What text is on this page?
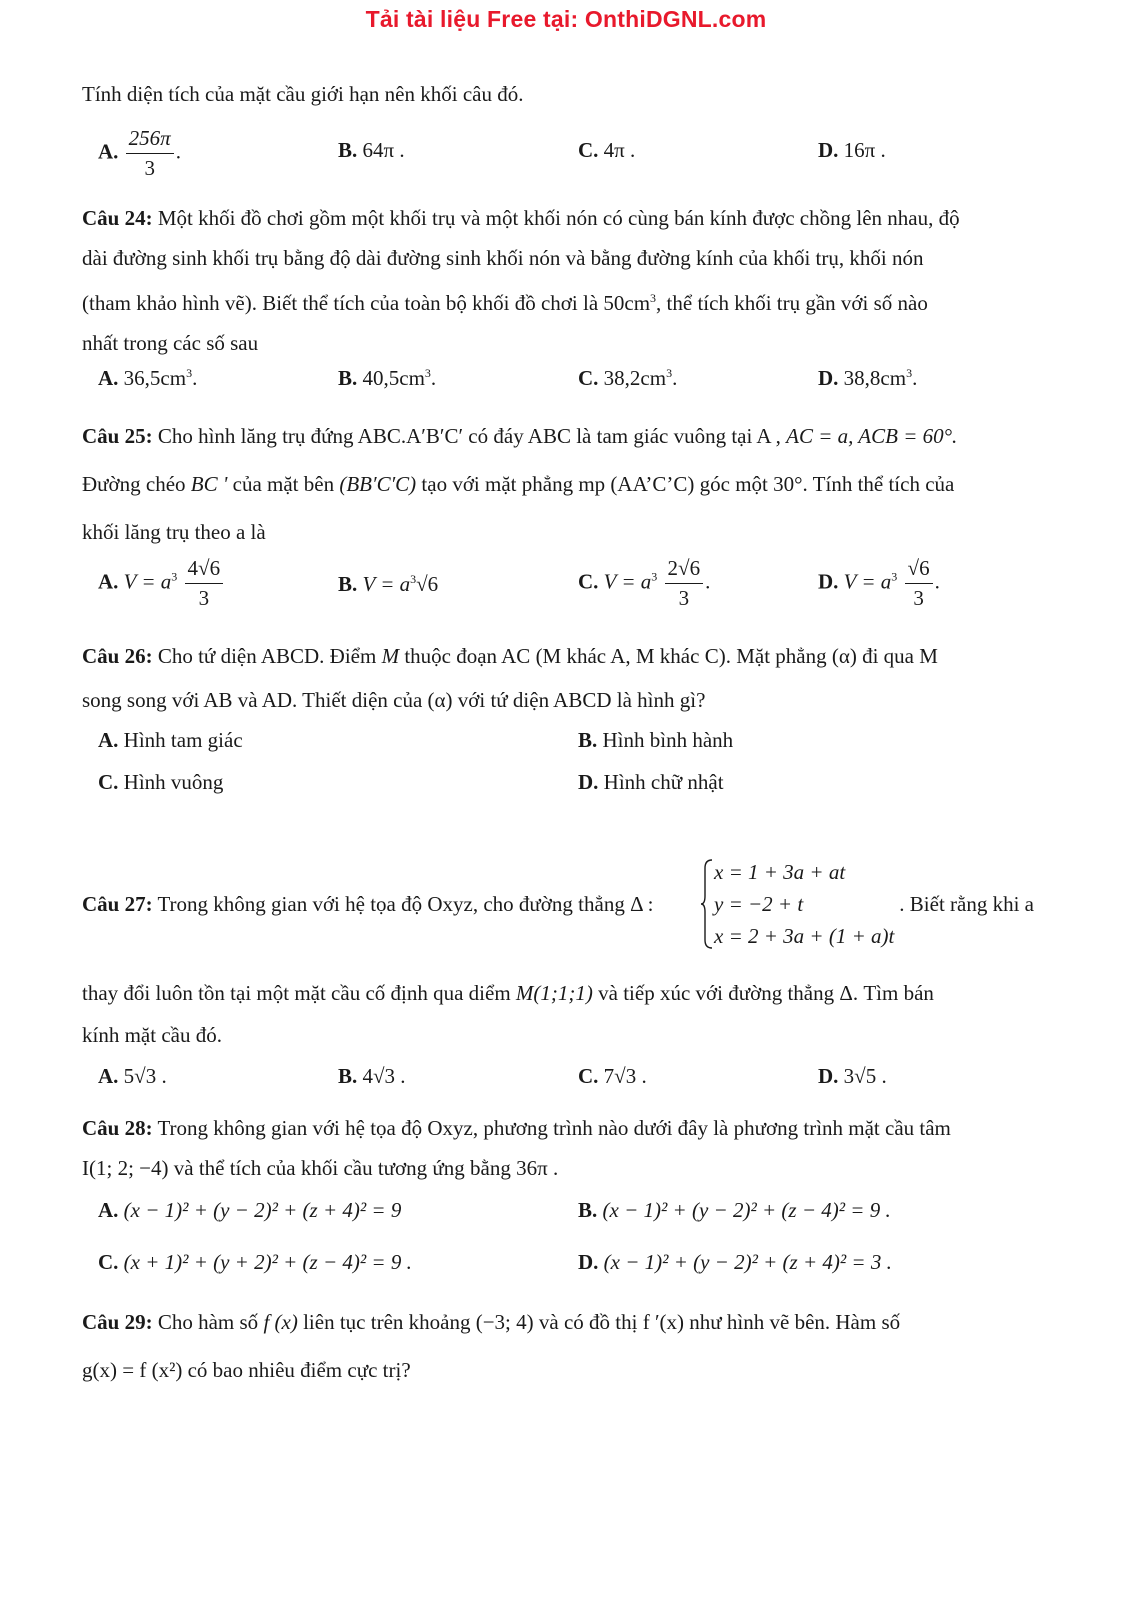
Tải tài liệu Free tại: OnthiDGNL.com
Tính diện tích của mặt cầu giới hạn nên khối câu đó.
A. $\frac{256\pi}{3}$ .	B. 64π .	C. 4π .	D. 16π .
Câu 24: Một khối đồ chơi gồm một khối trụ và một khối nón có cùng bán kính được chồng lên nhau, độ
dài đường sinh khối trụ bằng độ dài đường sinh khối nón và bằng đường kính của khối trụ, khối nón
(tham khảo hình vẽ). Biết thể tích của toàn bộ khối đồ chơi là $50cm^3$, thể tích khối trụ gần với số nào
nhất trong các số sau
A. $36,5cm^3$.	B. $40,5cm^3$.	C. $38,2cm^3$.	D. $38,8cm^3$.
Câu 25: Cho hình lăng trụ đứng ABC.A′B′C′ có đáy ABC là tam giác vuông tại A , AC = a, ACB = 60°.
Đường chéo BC ' của mặt bên (BB′C′C) tạo với mặt phẳng mp (AA’C’C) góc một 30°. Tính thể tích của
khối lăng trụ theo a là
A. $V = a^3 \frac{4√6}{3}$	B. $V = a^3√6$	C. $V = a^3 \frac{2√6}{3}$ .	D. $V = a^3 \frac{√6}{3}$ .
Câu 26: Cho tứ diện ABCD. Điểm M thuộc đoạn AC (M khác A, M khác C). Mặt phẳng (α) đi qua M
song song với AB và AD. Thiết diện của (α) với tứ diện ABCD là hình gì?
A. Hình tam giác	B. Hình bình hành
C. Hình vuông	D. Hình chữ nhật
Câu 27: Trong không gian với hệ tọa độ Oxyz, cho đường thẳng Δ :
x = 1 + 3a + at
y = −2 + t
x = 2 + 3a + (1 + a)t
. Biết rằng khi a
thay đổi luôn tồn tại một mặt cầu cố định qua diểm M(1;1;1) và tiếp xúc với đường thẳng Δ. Tìm bán
kính mặt cầu đó.
A. 5√3 .	B. 4√3 .	C. 7√3 .	D. 3√5 .
Câu 28: Trong không gian với hệ tọa độ Oxyz, phương trình nào dưới đây là phương trình mặt cầu tâm
I(1; 2; −4) và thể tích của khối cầu tương ứng bằng 36π .
A. (x − 1)² + (y − 2)² + (z + 4)² = 9	B. (x − 1)² + (y − 2)² + (z − 4)² = 9 .
C. (x + 1)² + (y + 2)² + (z − 4)² = 9 .	D. (x − 1)² + (y − 2)² + (z + 4)² = 3 .
Câu 29: Cho hàm số f (x) liên tục trên khoảng (−3; 4) và có đồ thị f ′(x) như hình vẽ bên. Hàm số
g(x) = f (x²) có bao nhiêu điểm cực trị?
